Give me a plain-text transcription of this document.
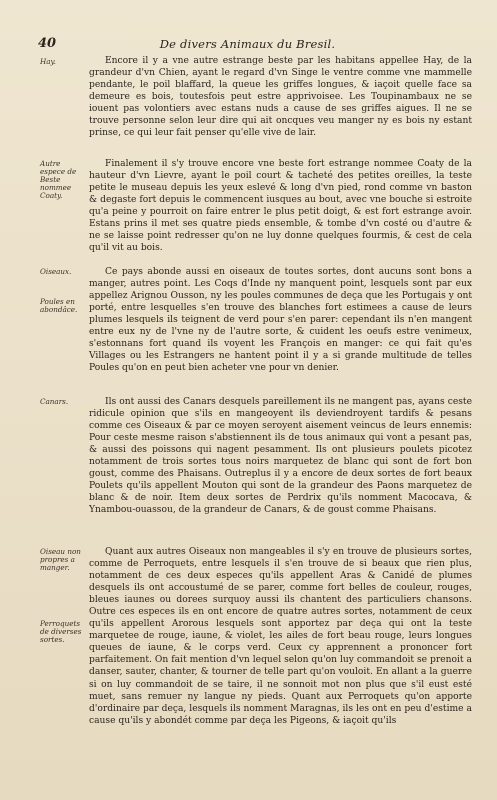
40	De divers Animaux du Bresil.
Hay.	Encore il y a vne autre estrange beste par les habitans appellee Hay, de la grandeur d'vn Chien, ayant le regard d'vn Singe le ventre comme vne mammelle pendante, le poil blaffard, la queue les griffes longues, & iaçoit quelle face sa demeure es bois, toutesfois peut estre apprivoisee. Les Toupinambaux ne se iouent pas volontiers avec estans nuds a cause de ses griffes aigues. Il ne se trouve personne selon leur dire qui ait oncques veu manger ny es bois ny estant prinse, ce qui leur fait penser qu'elle vive de lair.

Autre espece de Beste nommee Coaty.

Finalement il s'y trouve encore vne beste fort estrange nommee Coaty de la hauteur d'vn Lievre, ayant le poil court & tacheté des petites oreilles, la teste petite le museau depuis les yeux eslevé & long d'vn pied, rond comme vn baston & degaste fort depuis le commencent iusques au bout, avec vne bouche si estroite qu'a peine y pourroit on faire entrer le plus petit doigt, & est fort estrange avoir. Estans prins il met ses quatre pieds ensemble, & tombe d'vn costé ou d'autre & ne se laisse point redresser qu'on ne luy donne quelques fourmis, & cest de cela qu'il vit au bois.

Oiseaux.
Poules en abondâce.

Ce pays abonde aussi en oiseaux de toutes sortes, dont aucuns sont bons a manger, autres point. Les Coqs d'Inde ny manquent point, lesquels sont par eux appellez Arignou Ousson, ny les poules communes de deça que les Portugais y ont porté, entre lesquelles s'en trouve des blanches fort estimees a cause de leurs plumes lesquels ils teignent de verd pour s'en parer: cependant ils n'en mangent entre eux ny de l'vne ny de l'autre sorte, & cuident les oeufs estre venimeux, s'estonnans fort quand ils voyent les François en manger: ce qui fait qu'es Villages ou les Estrangers ne hantent point il y a si grande multitude de telles Poules qu'on en peut bien acheter vne pour vn denier.

Canars.	Ils ont aussi des Canars desquels pareillement ils ne mangent pas, ayans ceste ridicule opinion que s'ils en mangeoyent ils deviendroyent tardifs & pesans comme ces Oiseaux & par ce moyen seroyent aisement veincus de leurs ennemis: Pour ceste mesme raison s'abstiennent ils de tous animaux qui vont a pesant pas, & aussi des poissons qui nagent pesamment. Ils ont plusieurs poulets picotez notamment de trois sortes tous noirs marquetez de blanc qui sont de fort bon goust, comme des Phaisans. Outreplus il y a encore de deux sortes de fort beaux Poulets qu'ils appellent Mouton qui sont de la grandeur des Paons marquetez de blanc & de noir. Item deux sortes de Perdrix qu'ils nomment Macocava, & Ynambou-ouassou, de la grandeur de Canars, & de goust comme Phaisans.

Oiseau non propres a manger.
Perroquets de diverses sortes.

Quant aux autres Oiseaux non mangeables il s'y en trouve de plusieurs sortes, comme de Perroquets, entre lesquels il s'en trouve de si beaux que rien plus, notamment de ces deux especes qu'ils appellent Aras & Canidé de plumes desquels ils ont accoustumé de se parer, comme fort belles de couleur, rouges, bleues iaunes ou dorees surquoy aussi ils chantent des particuliers chansons. Outre ces especes ils en ont encore de quatre autres sortes, notamment de ceux qu'ils appellent Arorous lesquels sont apportez par deça qui ont la teste marquetee de rouge, iaune, & violet, les ailes de fort beau rouge, leurs longues queues de iaune, & le corps verd. Ceux cy apprennent a prononcer fort parfaitement. On fait mention d'vn lequel selon qu'on luy commandoit se prenoit a danser, sauter, chanter, & tourner de telle part qu'on vouloit. En allant a la guerre si on luy commandoit de se taire, il ne sonnoit mot non plus que s'il eust esté muet, sans remuer ny langue ny pieds. Quant aux Perroquets qu'on apporte d'ordinaire par deça, lesquels ils nomment Maragnas, ils les ont en peu d'estime a cause qu'ils y abondét comme par deça les Pigeons, & iaçoit qu'ils
